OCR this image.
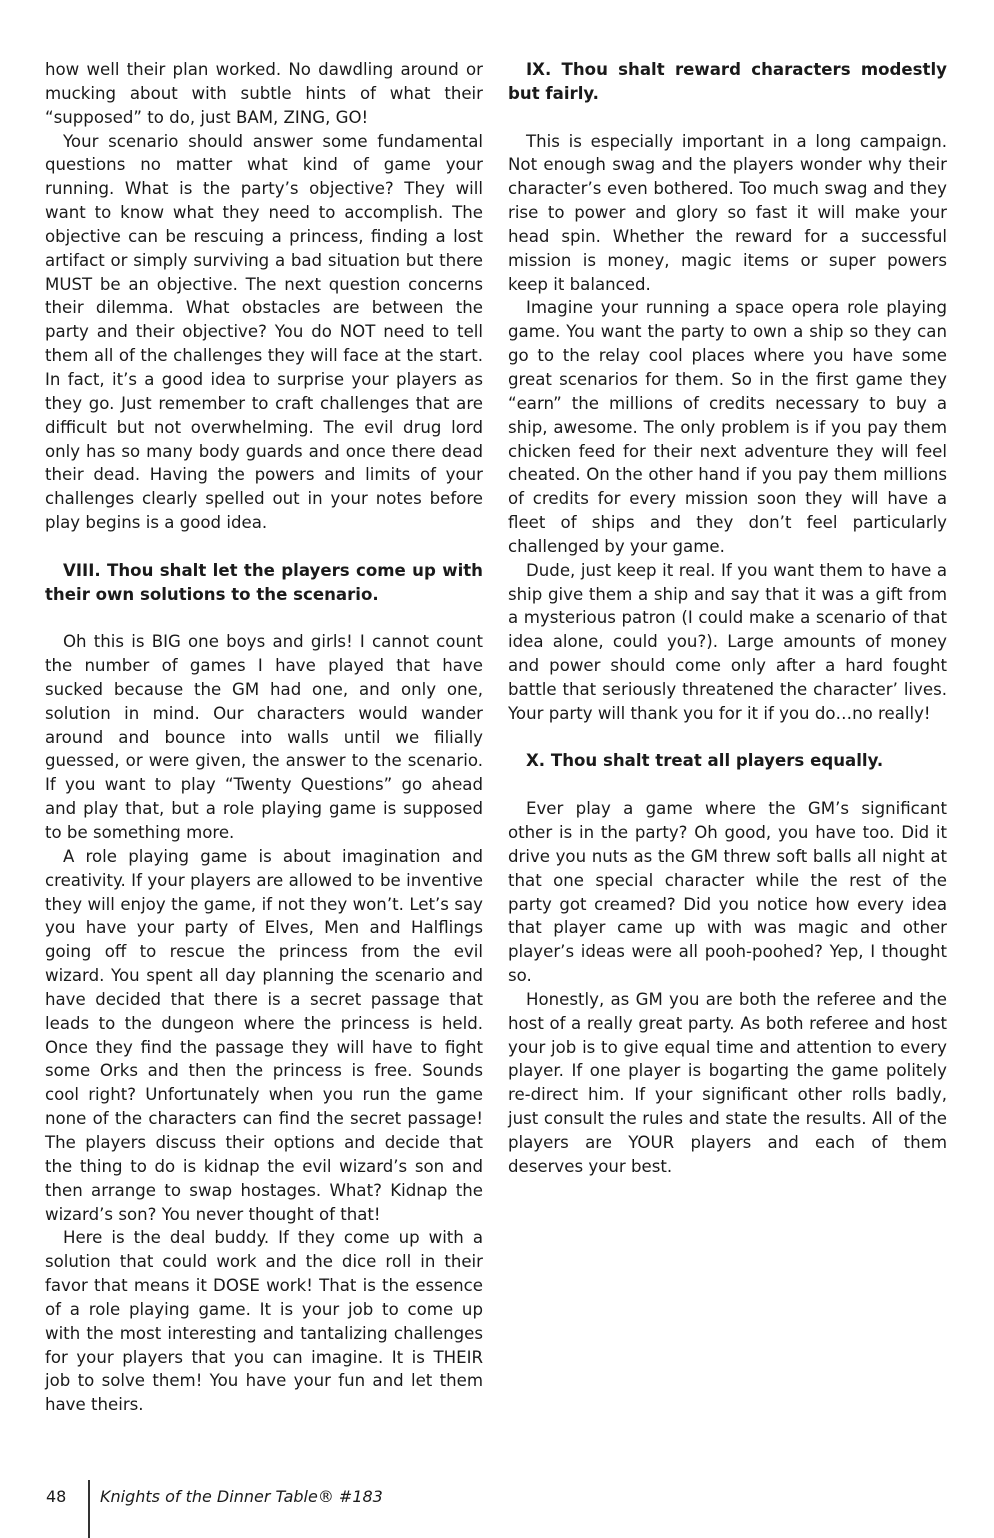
how well their plan worked. No dawdling around or mucking about with subtle hints of what their “supposed” to do, just BAM, ZING, GO!

Your scenario should answer some fundamental questions no matter what kind of game your running. What is the party’s objective? They will want to know what they need to accomplish. The objective can be rescuing a princess, finding a lost artifact or simply surviving a bad situation but there MUST be an objective. The next question concerns their dilemma. What obstacles are between the party and their objective? You do NOT need to tell them all of the challenges they will face at the start. In fact, it’s a good idea to surprise your players as they go. Just remember to craft challenges that are difficult but not overwhelming. The evil drug lord only has so many body guards and once there dead their dead. Having the powers and limits of your challenges clearly spelled out in your notes before play begins is a good idea.

VIII. Thou shalt let the players come up with their own solutions to the scenario.

Oh this is BIG one boys and girls! I cannot count the number of games I have played that have sucked because the GM had one, and only one, solution in mind. Our characters would wander around and bounce into walls until we filially guessed, or were given, the answer to the scenario. If you want to play “Twenty Questions” go ahead and play that, but a role playing game is supposed to be something more.

A role playing game is about imagination and creativity. If your players are allowed to be inventive they will enjoy the game, if not they won’t. Let’s say you have your party of Elves, Men and Halflings going off to rescue the princess from the evil wizard. You spent all day planning the scenario and have decided that there is a secret passage that leads to the dungeon where the princess is held. Once they find the passage they will have to fight some Orks and then the princess is free. Sounds cool right? Unfortunately when you run the game none of the characters can find the secret passage! The players discuss their options and decide that the thing to do is kidnap the evil wizard’s son and then arrange to swap hostages. What? Kidnap the wizard’s son? You never thought of that!

Here is the deal buddy. If they come up with a solution that could work and the dice roll in their favor that means it DOSE work! That is the essence of a role playing game. It is your job to come up with the most interesting and tantalizing challenges for your players that you can imagine. It is THEIR job to solve them! You have your fun and let them have theirs.

IX. Thou shalt reward characters modestly but fairly.

This is especially important in a long campaign. Not enough swag and the players wonder why their character’s even bothered. Too much swag and they rise to power and glory so fast it will make your head spin. Whether the reward for a successful mission is money, magic items or super powers keep it balanced.

Imagine your running a space opera role playing game. You want the party to own a ship so they can go to the relay cool places where you have some great scenarios for them. So in the first game they “earn” the millions of credits necessary to buy a ship, awesome. The only problem is if you pay them chicken feed for their next adventure they will feel cheated. On the other hand if you pay them millions of credits for every mission soon they will have a fleet of ships and they don’t feel particularly challenged by your game.

Dude, just keep it real. If you want them to have a ship give them a ship and say that it was a gift from a mysterious patron (I could make a scenario of that idea alone, could you?). Large amounts of money and power should come only after a hard fought battle that seriously threatened the character’ lives. Your party will thank you for it if you do…no really!

X. Thou shalt treat all players equally.

Ever play a game where the GM’s significant other is in the party? Oh good, you have too. Did it drive you nuts as the GM threw soft balls all night at that one special character while the rest of the party got creamed? Did you notice how every idea that player came up with was magic and other player’s ideas were all pooh-poohed? Yep, I thought so.

Honestly, as GM you are both the referee and the host of a really great party. As both referee and host your job is to give equal time and attention to every player. If one player is bogarting the game politely re-direct him. If your significant other rolls badly, just consult the rules and state the results. All of the players are YOUR players and each of them deserves your best.

48 Knights of the Dinner Table® #183
